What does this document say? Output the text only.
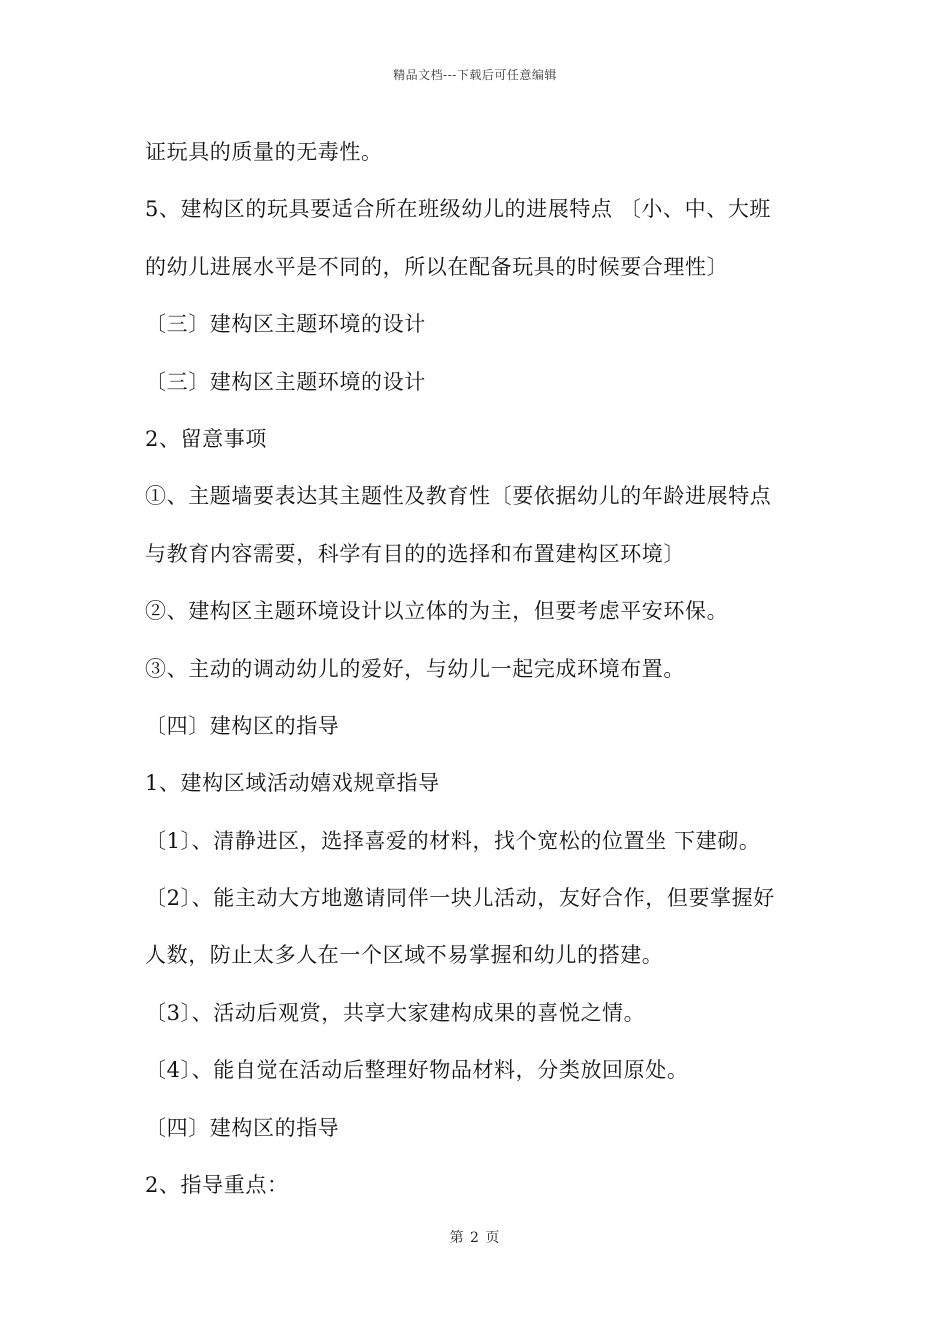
精品文档---下载后可任意编辑
证玩具的质量的无毒性。
5、建构区的玩具要适合所在班级幼儿的进展特点 〔小、中、大班
的幼儿进展水平是不同的，所以在配备玩具的时候要合理性〕
〔三〕建构区主题环境的设计
〔三〕建构区主题环境的设计
2、留意事项
①、主题墙要表达其主题性及教育性〔要依据幼儿的年龄进展特点
与教育内容需要，科学有目的的选择和布置建构区环境〕
②、建构区主题环境设计以立体的为主，但要考虑平安环保。
③、主动的调动幼儿的爱好，与幼儿一起完成环境布置。
〔四〕建构区的指导
1、建构区域活动嬉戏规章指导
〔1〕、清静进区，选择喜爱的材料，找个宽松的位置坐 下建砌。
〔2〕、能主动大方地邀请同伴一块儿活动，友好合作，但要掌握好
人数，防止太多人在一个区域不易掌握和幼儿的搭建。
〔3〕、活动后观赏，共享大家建构成果的喜悦之情。
〔4〕、能自觉在活动后整理好物品材料，分类放回原处。
〔四〕建构区的指导
2、指导重点：
第 2 页
